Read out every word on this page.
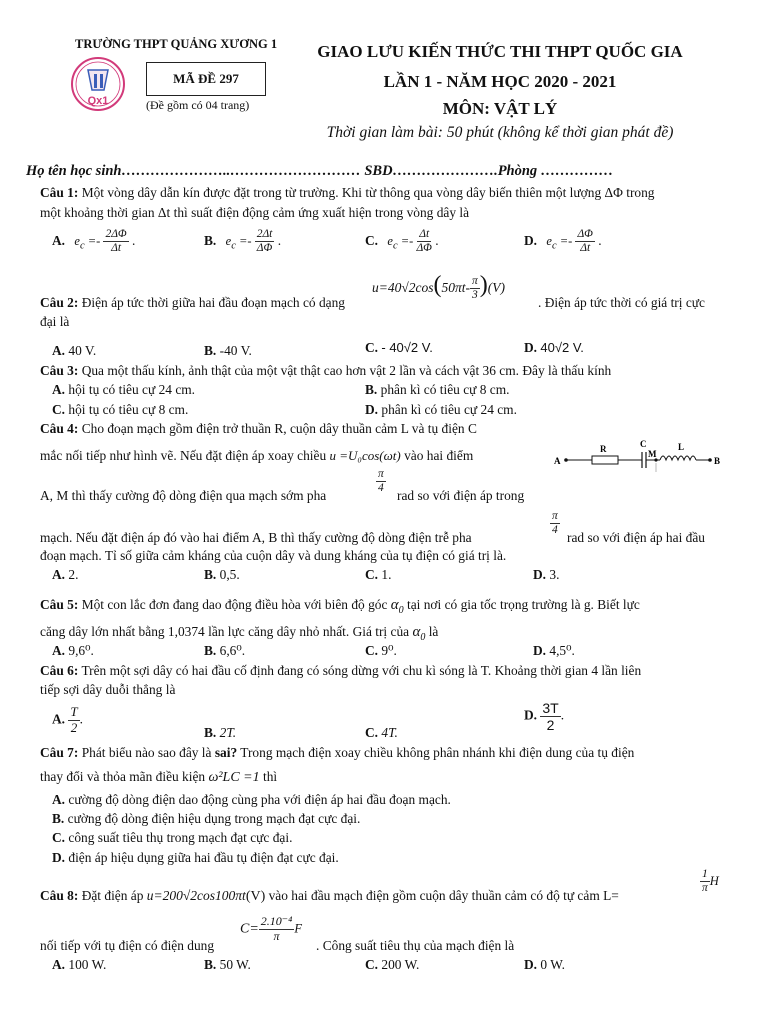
TRƯỜNG THPT QUẢNG XƯƠNG 1
Qx1
MÃ ĐỀ 297
(Đề gồm có 04 trang)
GIAO LƯU KIẾN THỨC THI THPT QUỐC GIA
LẦN 1 - NĂM HỌC 2020 - 2021
MÔN: VẬT LÝ
Thời gian làm bài: 50 phút (không kể thời gian phát đề)
Họ tên học sinh…………………..……………………… SBD………………….Phòng ……………
Câu 1: Một vòng dây dẫn kín được đặt trong từ trường. Khi từ thông qua vòng dây biến thiên một lượng ΔΦ trong
một khoảng thời gian Δt thì suất điện động cảm ứng xuất hiện trong vòng dây là
A. $e_c =- \frac{2\Delta\Phi}{\Delta t}$ .	B. $e_c =- \frac{2\Delta t}{\Delta\Phi}$ .	C. $e_c =- \frac{\Delta t}{\Delta\Phi}$ .	D. $e_c =- \frac{\Delta\Phi}{\Delta t}$ .
$u=40√2\cos(50\pi t- \frac{\pi}{3} )(V)$
Câu 2: Điện áp tức thời giữa hai đầu đoạn mạch có dạng	. Điện áp tức thời có giá trị cực
đại là
A. 40 V.	B. -40 V.	C. - 40√2 V.	D. 40√2 V.
Câu 3: Qua một thấu kính, ảnh thật của một vật thật cao hơn vật 2 lần và cách vật 36 cm. Đây là thấu kính
A. hội tụ có tiêu cự 24 cm.	B. phân kì có tiêu cự 8 cm.
C. hội tụ có tiêu cự 8 cm.	D. phân kì có tiêu cự 24 cm.
Câu 4: Cho đoạn mạch gồm điện trở thuần R, cuộn dây thuần cảm L và tụ điện C
mắc nối tiếp như hình vẽ. Nếu đặt điện áp xoay chiều u =U₀cos(ωt) vào hai điểm	A
R	C
M
L
B
$\frac{\pi}{4}$
A, M thì thấy cường độ dòng điện qua mạch sớm pha	rad so với điện áp trong
$\frac{\pi}{4}$
mạch. Nếu đặt điện áp đó vào hai điểm A, B thì thấy cường độ dòng điện trễ pha	rad so với điện áp hai đầu
đoạn mạch. Tỉ số giữa cảm kháng của cuộn dây và dung kháng của tụ điện có giá trị là.
A. 2.	B. 0,5.	C. 1.	D. 3.
Câu 5: Một con lắc đơn đang dao động điều hòa với biên độ góc $\alpha_0$ tại nơi có gia tốc trọng trường là g. Biết lực
căng dây lớn nhất bằng 1,0374 lần lực căng dây nhỏ nhất. Giá trị của $\alpha_0$ là
A. 9,6⁰.	B. 6,6⁰.	C. 9⁰.	D. 4,5⁰.
Câu 6: Trên một sợi dây có hai đầu cố định đang có sóng dừng với chu kì sóng là T. Khoảng thời gian 4 lần liên
tiếp sợi dây duỗi thẳng là
A. $\frac{T}{2}$ .
B. 2T.	C. 4T.
D. $\frac{3T}{2}$ .
Câu 7: Phát biểu nào sao đây là sai? Trong mạch điện xoay chiều không phân nhánh khi điện dung của tụ điện
thay đổi và thỏa mãn điều kiện ω²LC =1 thì
A. cường độ dòng điện dao động cùng pha với điện áp hai đầu đoạn mạch.
B. cường độ dòng điện hiệu dụng trong mạch đạt cực đại.
C. công suất tiêu thụ trong mạch đạt cực đại.
D. điện áp hiệu dụng giữa hai đầu tụ điện đạt cực đại.
Câu 8: Đặt điện áp u=200√2cos100πt(V) vào hai đầu mạch điện gồm cuộn dây thuần cảm có độ tự cảm L=
$\frac{1}{\pi}$ H
nối tiếp với tụ điện có điện dung
$C= \frac{\text{2.10⁻⁴}}{\pi}$ F
. Công suất tiêu thụ của mạch điện là
A. 100 W.	B. 50 W.	C. 200 W.	D. 0 W.
